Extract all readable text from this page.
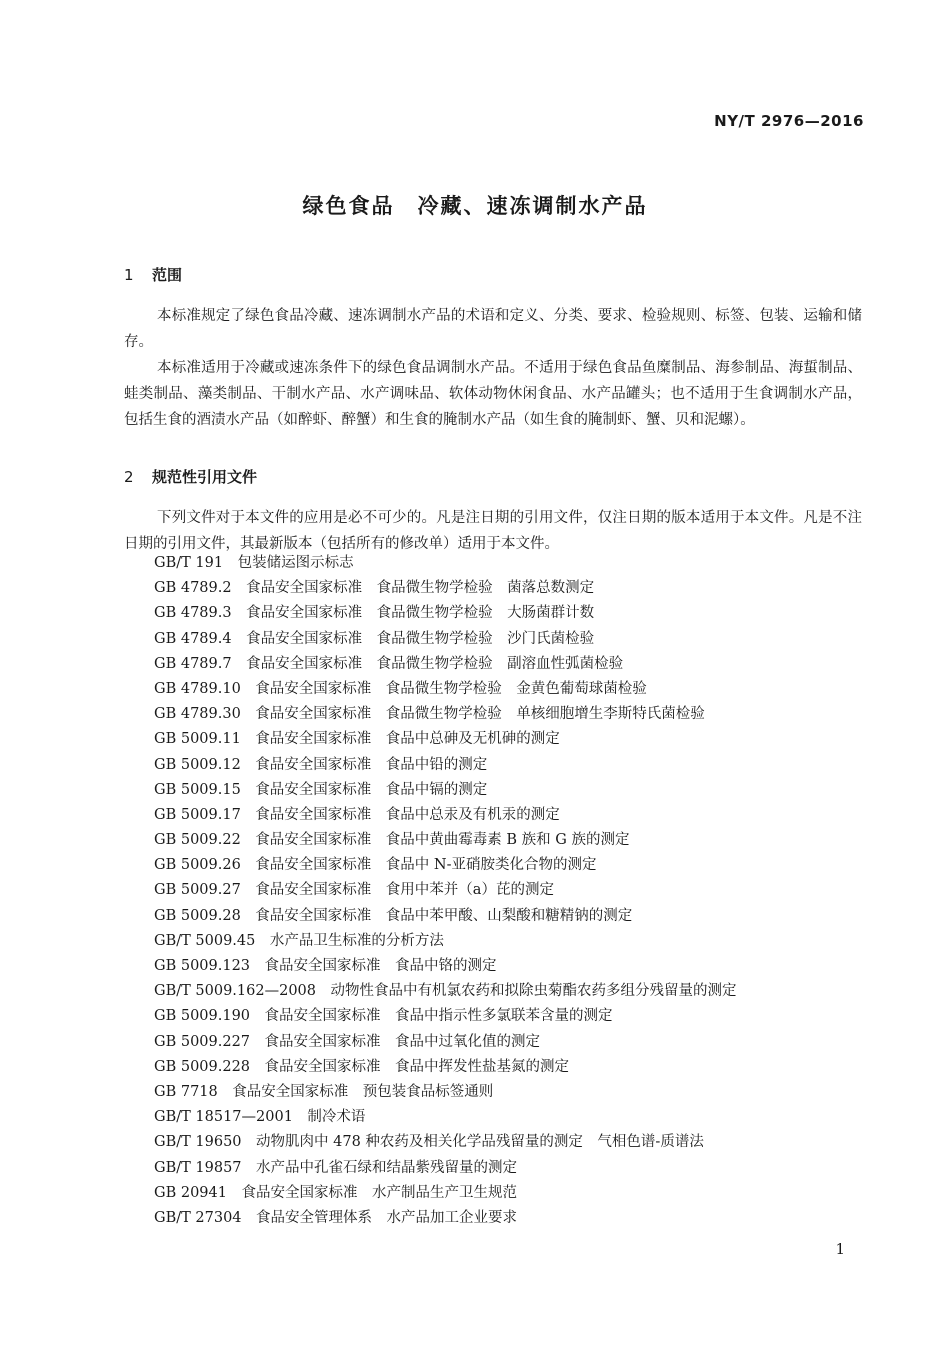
NY/T 2976—2016
绿色食品　冷藏、速冻调制水产品
1 范围

本标准规定了绿色食品冷藏、速冻调制水产品的术语和定义、分类、要求、检验规则、标签、包装、运输和储存。

本标准适用于冷藏或速冻条件下的绿色食品调制水产品。不适用于绿色食品鱼糜制品、海参制品、海蜇制品、蛙类制品、藻类制品、干制水产品、水产调味品、软体动物休闲食品、水产品罐头；也不适用于生食调制水产品，包括生食的酒渍水产品（如醉虾、醉蟹）和生食的腌制水产品（如生食的腌制虾、蟹、贝和泥螺）。

2 规范性引用文件

下列文件对于本文件的应用是必不可少的。凡是注日期的引用文件，仅注日期的版本适用于本文件。凡是不注日期的引用文件，其最新版本（包括所有的修改单）适用于本文件。

GB/T 191　包装储运图示标志
GB 4789.2　食品安全国家标准　食品微生物学检验　菌落总数测定
GB 4789.3　食品安全国家标准　食品微生物学检验　大肠菌群计数
GB 4789.4　食品安全国家标准　食品微生物学检验　沙门氏菌检验
GB 4789.7　食品安全国家标准　食品微生物学检验　副溶血性弧菌检验
GB 4789.10　食品安全国家标准　食品微生物学检验　金黄色葡萄球菌检验
GB 4789.30　食品安全国家标准　食品微生物学检验　单核细胞增生李斯特氏菌检验
GB 5009.11　食品安全国家标准　食品中总砷及无机砷的测定
GB 5009.12　食品安全国家标准　食品中铅的测定
GB 5009.15　食品安全国家标准　食品中镉的测定
GB 5009.17　食品安全国家标准　食品中总汞及有机汞的测定
GB 5009.22　食品安全国家标准　食品中黄曲霉毒素 B 族和 G 族的测定
GB 5009.26　食品安全国家标准　食品中 N-亚硝胺类化合物的测定
GB 5009.27　食品安全国家标准　食用中苯并（a）芘的测定
GB 5009.28　食品安全国家标准　食品中苯甲酸、山梨酸和糖精钠的测定
GB/T 5009.45　水产品卫生标准的分析方法
GB 5009.123　食品安全国家标准　食品中铬的测定
GB/T 5009.162—2008　动物性食品中有机氯农药和拟除虫菊酯农药多组分残留量的测定
GB 5009.190　食品安全国家标准　食品中指示性多氯联苯含量的测定
GB 5009.227　食品安全国家标准　食品中过氧化值的测定
GB 5009.228　食品安全国家标准　食品中挥发性盐基氮的测定
GB 7718　食品安全国家标准　预包装食品标签通则
GB/T 18517—2001　制冷术语
GB/T 19650　动物肌肉中 478 种农药及相关化学品残留量的测定　气相色谱-质谱法
GB/T 19857　水产品中孔雀石绿和结晶紫残留量的测定
GB 20941　食品安全国家标准　水产制品生产卫生规范
GB/T 27304　食品安全管理体系　水产品加工企业要求
1
